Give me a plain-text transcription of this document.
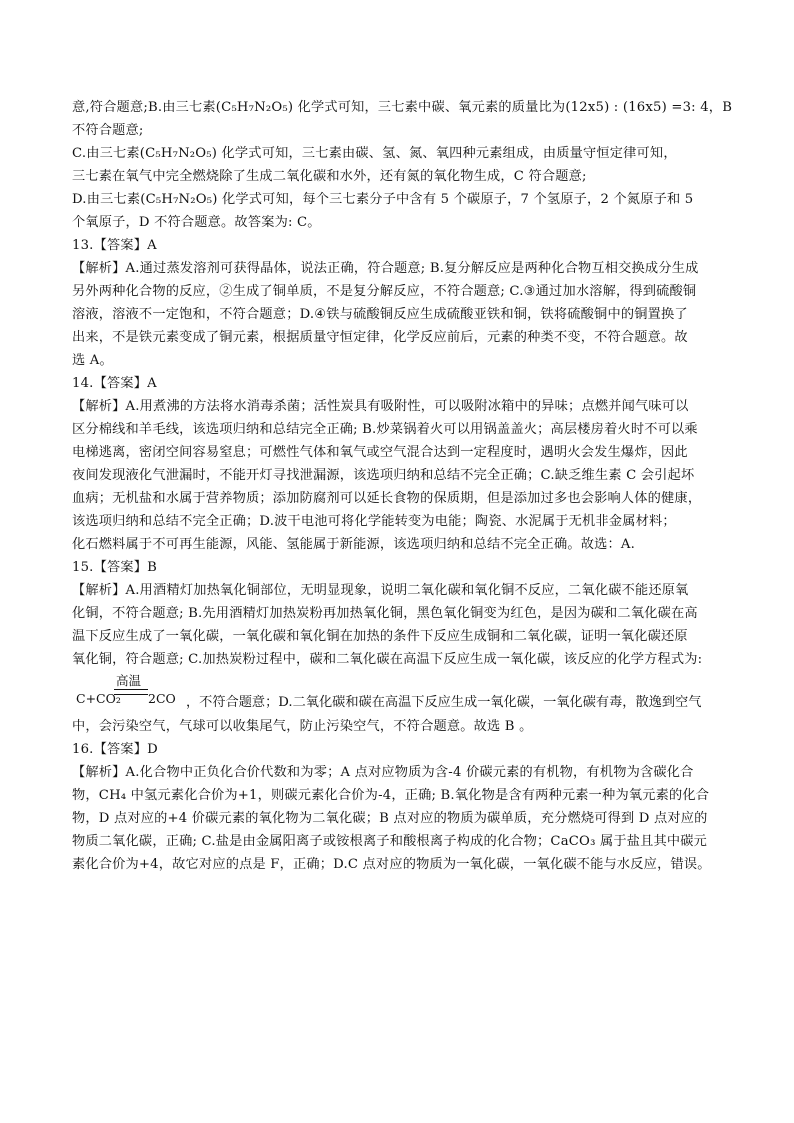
意,符合题意;B.由三七素(C₅H₇N₂O₅) 化学式可知，三七素中碳、氧元素的质量比为(12x5) : (16x5) =3: 4，B
不符合题意;
C.由三七素(C₅H₇N₂O₅) 化学式可知，三七素由碳、氢、氮、氧四种元素组成，由质量守恒定律可知，
三七素在氧气中完全燃烧除了生成二氧化碳和水外，还有氮的氧化物生成，C 符合题意;
D.由三七素(C₅H₇N₂O₅) 化学式可知，每个三七素分子中含有 5 个碳原子，7 个氢原子，2 个氮原子和 5
个氧原子，D 不符合题意。故答案为: C。
13.【答案】A
【解析】A.通过蒸发溶剂可获得晶体，说法正确，符合题意; B.复分解反应是两种化合物互相交换成分生成
另外两种化合物的反应，②生成了铜单质，不是复分解反应，不符合题意; C.③通过加水溶解，得到硫酸铜
溶液，溶液不一定饱和，不符合题意；D.④铁与硫酸铜反应生成硫酸亚铁和铜，铁将硫酸铜中的铜置换了
出来，不是铁元素变成了铜元素，根据质量守恒定律，化学反应前后，元素的种类不变，不符合题意。故
选 A。
14.【答案】A
【解析】A.用煮沸的方法将水消毒杀菌；活性炭具有吸附性，可以吸附冰箱中的异味；点燃并闻气味可以
区分棉线和羊毛线，该选项归纳和总结完全正确; B.炒菜锅着火可以用锅盖盖火；高层楼房着火时不可以乘
电梯逃离，密闭空间容易窒息；可燃性气体和氧气或空气混合达到一定程度时，遇明火会发生爆炸，因此
夜间发现液化气泄漏时，不能开灯寻找泄漏源，该选项归纳和总结不完全正确；C.缺乏维生素 C 会引起坏
血病；无机盐和水属于营养物质；添加防腐剂可以延长食物的保质期，但是添加过多也会影响人体的健康，
该选项归纳和总结不完全正确；D.波干电池可将化学能转变为电能；陶瓷、水泥属于无机非金属材料；
化石燃料属于不可再生能源，风能、氢能属于新能源，该选项归纳和总结不完全正确。故选：A.
15.【答案】B
【解析】A.用酒精灯加热氧化铜部位，无明显现象，说明二氧化碳和氧化铜不反应，二氧化碳不能还原氧
化铜，不符合题意; B.先用酒精灯加热炭粉再加热氧化铜，黑色氧化铜变为红色，是因为碳和二氧化碳在高
温下反应生成了一氧化碳，一氧化碳和氧化铜在加热的条件下反应生成铜和二氧化碳，证明一氧化碳还原
氧化铜，符合题意; C.加热炭粉过程中，碳和二氧化碳在高温下反应生成一氧化碳，该反应的化学方程式为:
C+CO₂
高温
2CO ，不符合题意；D.二氧化碳和碳在高温下反应生成一氧化碳，一氧化碳有毒，散逸到空气
中，会污染空气，气球可以收集尾气，防止污染空气，不符合题意。故选 B 。
16.【答案】D
【解析】A.化合物中正负化合价代数和为零；A 点对应物质为含-4 价碳元素的有机物，有机物为含碳化合
物，CH₄ 中氢元素化合价为+1，则碳元素化合价为-4，正确; B.氧化物是含有两种元素一种为氧元素的化合
物，D 点对应的+4 价碳元素的氧化物为二氧化碳；B 点对应的物质为碳单质，充分燃烧可得到 D 点对应的
物质二氧化碳，正确; C.盐是由金属阳离子或铵根离子和酸根离子构成的化合物；CaCO₃ 属于盐且其中碳元
素化合价为+4，故它对应的点是 F，正确；D.C 点对应的物质为一氧化碳，一氧化碳不能与水反应，错误。
